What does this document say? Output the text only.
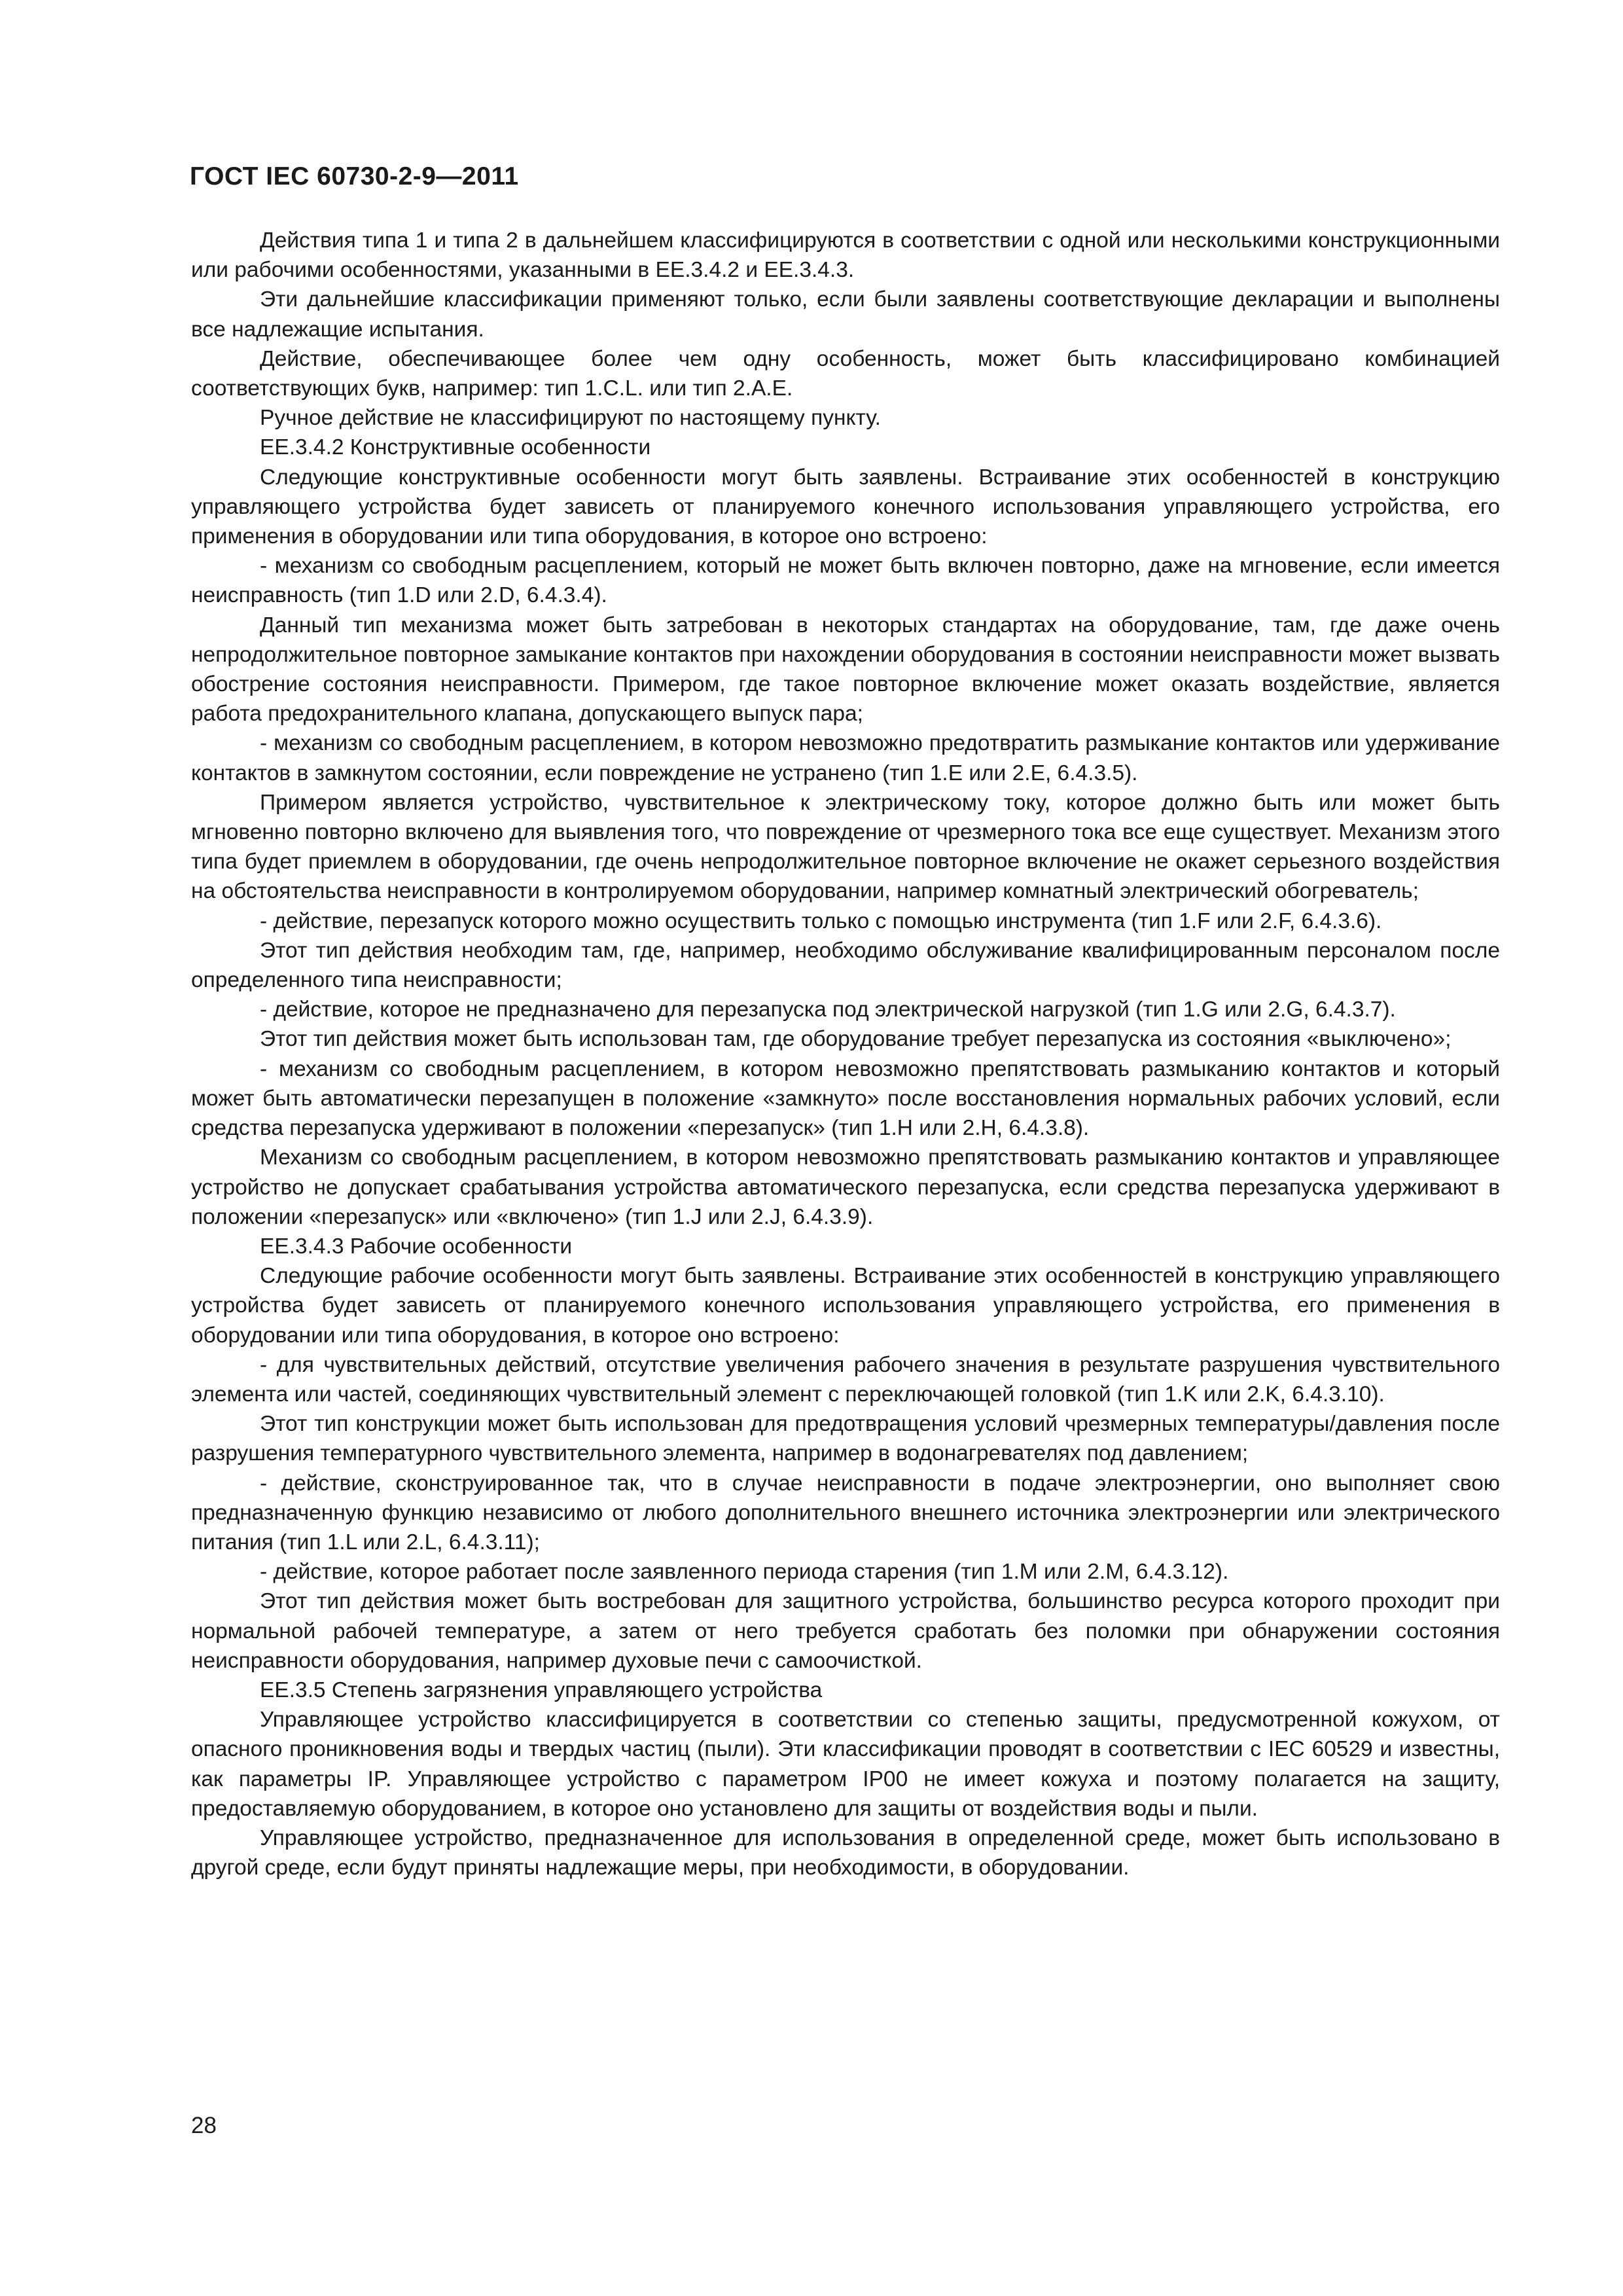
ГОСТ IEC 60730-2-9—2011

Действия типа 1 и типа 2 в дальнейшем классифицируются в соответствии с одной или несколькими конструкционными или рабочими особенностями, указанными в ЕЕ.3.4.2 и ЕЕ.3.4.3.

Эти дальнейшие классификации применяют только, если были заявлены соответствующие декларации и выполнены все надлежащие испытания.

Действие, обеспечивающее более чем одну особенность, может быть классифицировано комбинацией соответствующих букв, например: тип 1.C.L. или тип 2.A.E.

Ручное действие не классифицируют по настоящему пункту.

ЕЕ.3.4.2 Конструктивные особенности

Следующие конструктивные особенности могут быть заявлены. Встраивание этих особенностей в конструкцию управляющего устройства будет зависеть от планируемого конечного использования управляющего устройства, его применения в оборудовании или типа оборудования, в которое оно встроено:

- механизм со свободным расцеплением, который не может быть включен повторно, даже на мгновение, если имеется неисправность (тип 1.D или 2.D, 6.4.3.4).

Данный тип механизма может быть затребован в некоторых стандартах на оборудование, там, где даже очень непродолжительное повторное замыкание контактов при нахождении оборудования в состоянии неисправности может вызвать обострение состояния неисправности. Примером, где такое повторное включение может оказать воздействие, является работа предохранительного клапана, допускающего выпуск пара;

- механизм со свободным расцеплением, в котором невозможно предотвратить размыкание контактов или удерживание контактов в замкнутом состоянии, если повреждение не устранено (тип 1.E или 2.E, 6.4.3.5).

Примером является устройство, чувствительное к электрическому току, которое должно быть или может быть мгновенно повторно включено для выявления того, что повреждение от чрезмерного тока все еще существует. Механизм этого типа будет приемлем в оборудовании, где очень непродолжительное повторное включение не окажет серьезного воздействия на обстоятельства неисправности в контролируемом оборудовании, например комнатный электрический обогреватель;

- действие, перезапуск которого можно осуществить только с помощью инструмента (тип 1.F или 2.F, 6.4.3.6).

Этот тип действия необходим там, где, например, необходимо обслуживание квалифицированным персоналом после определенного типа неисправности;

- действие, которое не предназначено для перезапуска под электрической нагрузкой (тип 1.G или 2.G, 6.4.3.7).

Этот тип действия может быть использован там, где оборудование требует перезапуска из состояния «выключено»;

- механизм со свободным расцеплением, в котором невозможно препятствовать размыканию контактов и который может быть автоматически перезапущен в положение «замкнуто» после восстановления нормальных рабочих условий, если средства перезапуска удерживают в положении «перезапуск» (тип 1.H или 2.H, 6.4.3.8).

Механизм со свободным расцеплением, в котором невозможно препятствовать размыканию контактов и управляющее устройство не допускает срабатывания устройства автоматического перезапуска, если средства перезапуска удерживают в положении «перезапуск» или «включено» (тип 1.J или 2.J, 6.4.3.9).

ЕЕ.3.4.3 Рабочие особенности

Следующие рабочие особенности могут быть заявлены. Встраивание этих особенностей в конструкцию управляющего устройства будет зависеть от планируемого конечного использования управляющего устройства, его применения в оборудовании или типа оборудования, в которое оно встроено:

- для чувствительных действий, отсутствие увеличения рабочего значения в результате разрушения чувствительного элемента или частей, соединяющих чувствительный элемент с переключающей головкой (тип 1.K или 2.K, 6.4.3.10).

Этот тип конструкции может быть использован для предотвращения условий чрезмерных температуры/давления после разрушения температурного чувствительного элемента, например в водонагревателях под давлением;

- действие, сконструированное так, что в случае неисправности в подаче электроэнергии, оно выполняет свою предназначенную функцию независимо от любого дополнительного внешнего источника электроэнергии или электрического питания (тип 1.L или 2.L, 6.4.3.11);

- действие, которое работает после заявленного периода старения (тип 1.M или 2.M, 6.4.3.12).

Этот тип действия может быть востребован для защитного устройства, большинство ресурса которого проходит при нормальной рабочей температуре, а затем от него требуется сработать без поломки при обнаружении состояния неисправности оборудования, например духовые печи с самоочисткой.

ЕЕ.3.5 Степень загрязнения управляющего устройства

Управляющее устройство классифицируется в соответствии со степенью защиты, предусмотренной кожухом, от опасного проникновения воды и твердых частиц (пыли). Эти классификации проводят в соответствии с IEC 60529 и известны, как параметры IP. Управляющее устройство с параметром IP00 не имеет кожуха и поэтому полагается на защиту, предоставляемую оборудованием, в которое оно установлено для защиты от воздействия воды и пыли.

Управляющее устройство, предназначенное для использования в определенной среде, может быть использовано в другой среде, если будут приняты надлежащие меры, при необходимости, в оборудовании.

28
